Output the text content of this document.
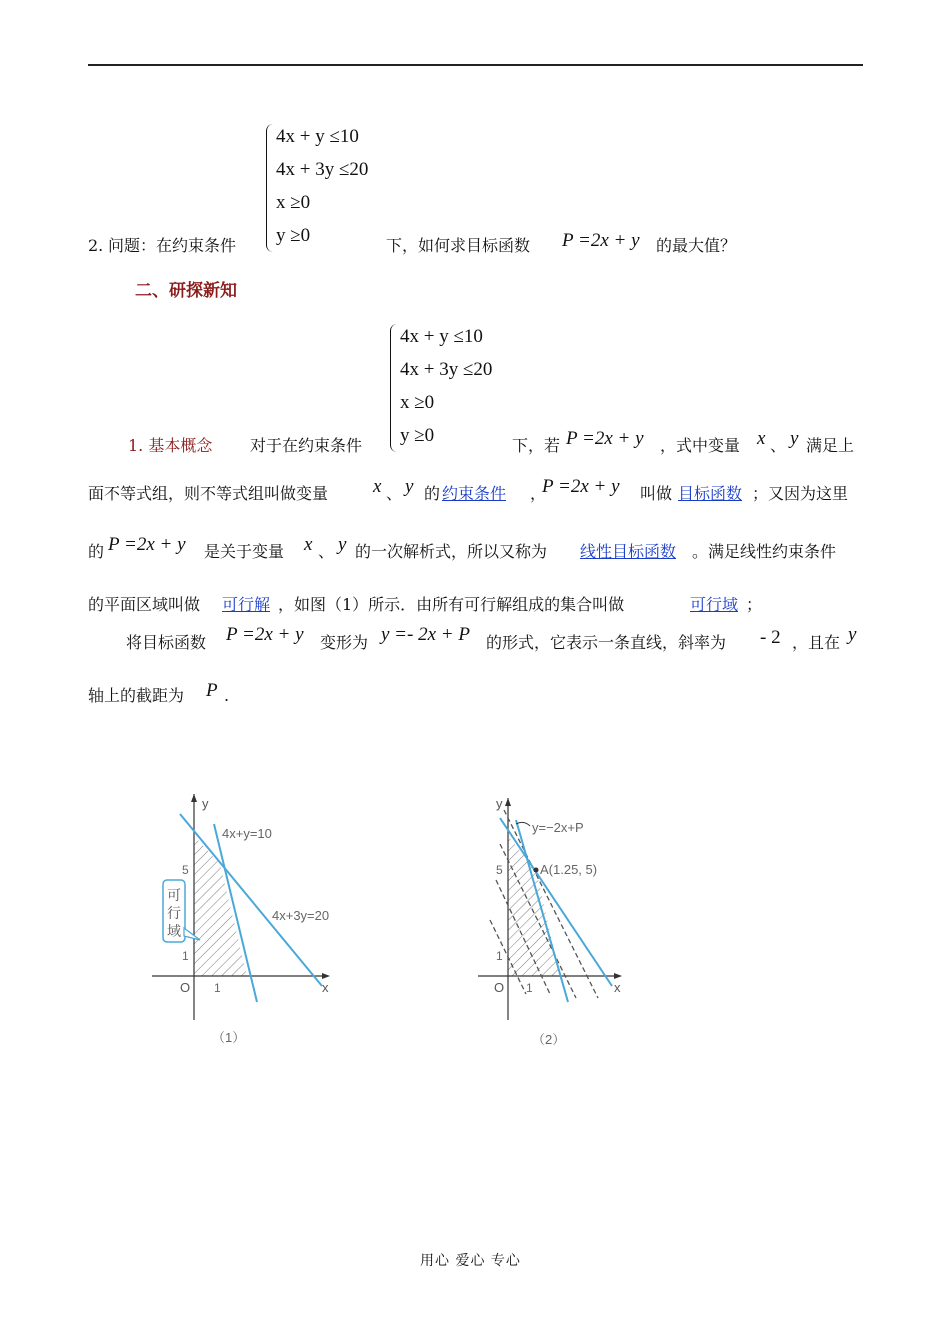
4x + y ≤10
4x + 3y ≤20
x ≥0
y ≥0
2. 问题：在约束条件	下，如何求目标函数 P =2x + y 的最大值？
二、研探新知
4x + y ≤10
4x + 3y ≤20
x ≥0
y ≥0
1. 基本概念 对于在约束条件	下，若 P =2x + y ，式中变量 x 、 y 满足上
面不等式组，则不等式组叫做变量 x 、 y 的 约束条件 ，
P =2x + y 叫做 目标函数 ；又因为这里
的 P =2x + y 是关于变量 x 、 y 的一次解析式，所以又称为 线性目标函数 。满足线性约束条件
的平面区域叫做 可行解 ，如图（1）所示．由所有可行解组成的集合叫做	可行域 ；
将目标函数 P =2x + y 变形为 y =- 2x + P 的形式，它表示一条直线，斜率为 - 2 ，且在 y
轴上的截距为 P .
y
x
O
5
1
1
4x+y=10
4x+3y=20
可
行
域
（1）
y
x
O
5
1
1
y=−2x+P
A(1.25, 5)
（2）
用心 爱心 专心
